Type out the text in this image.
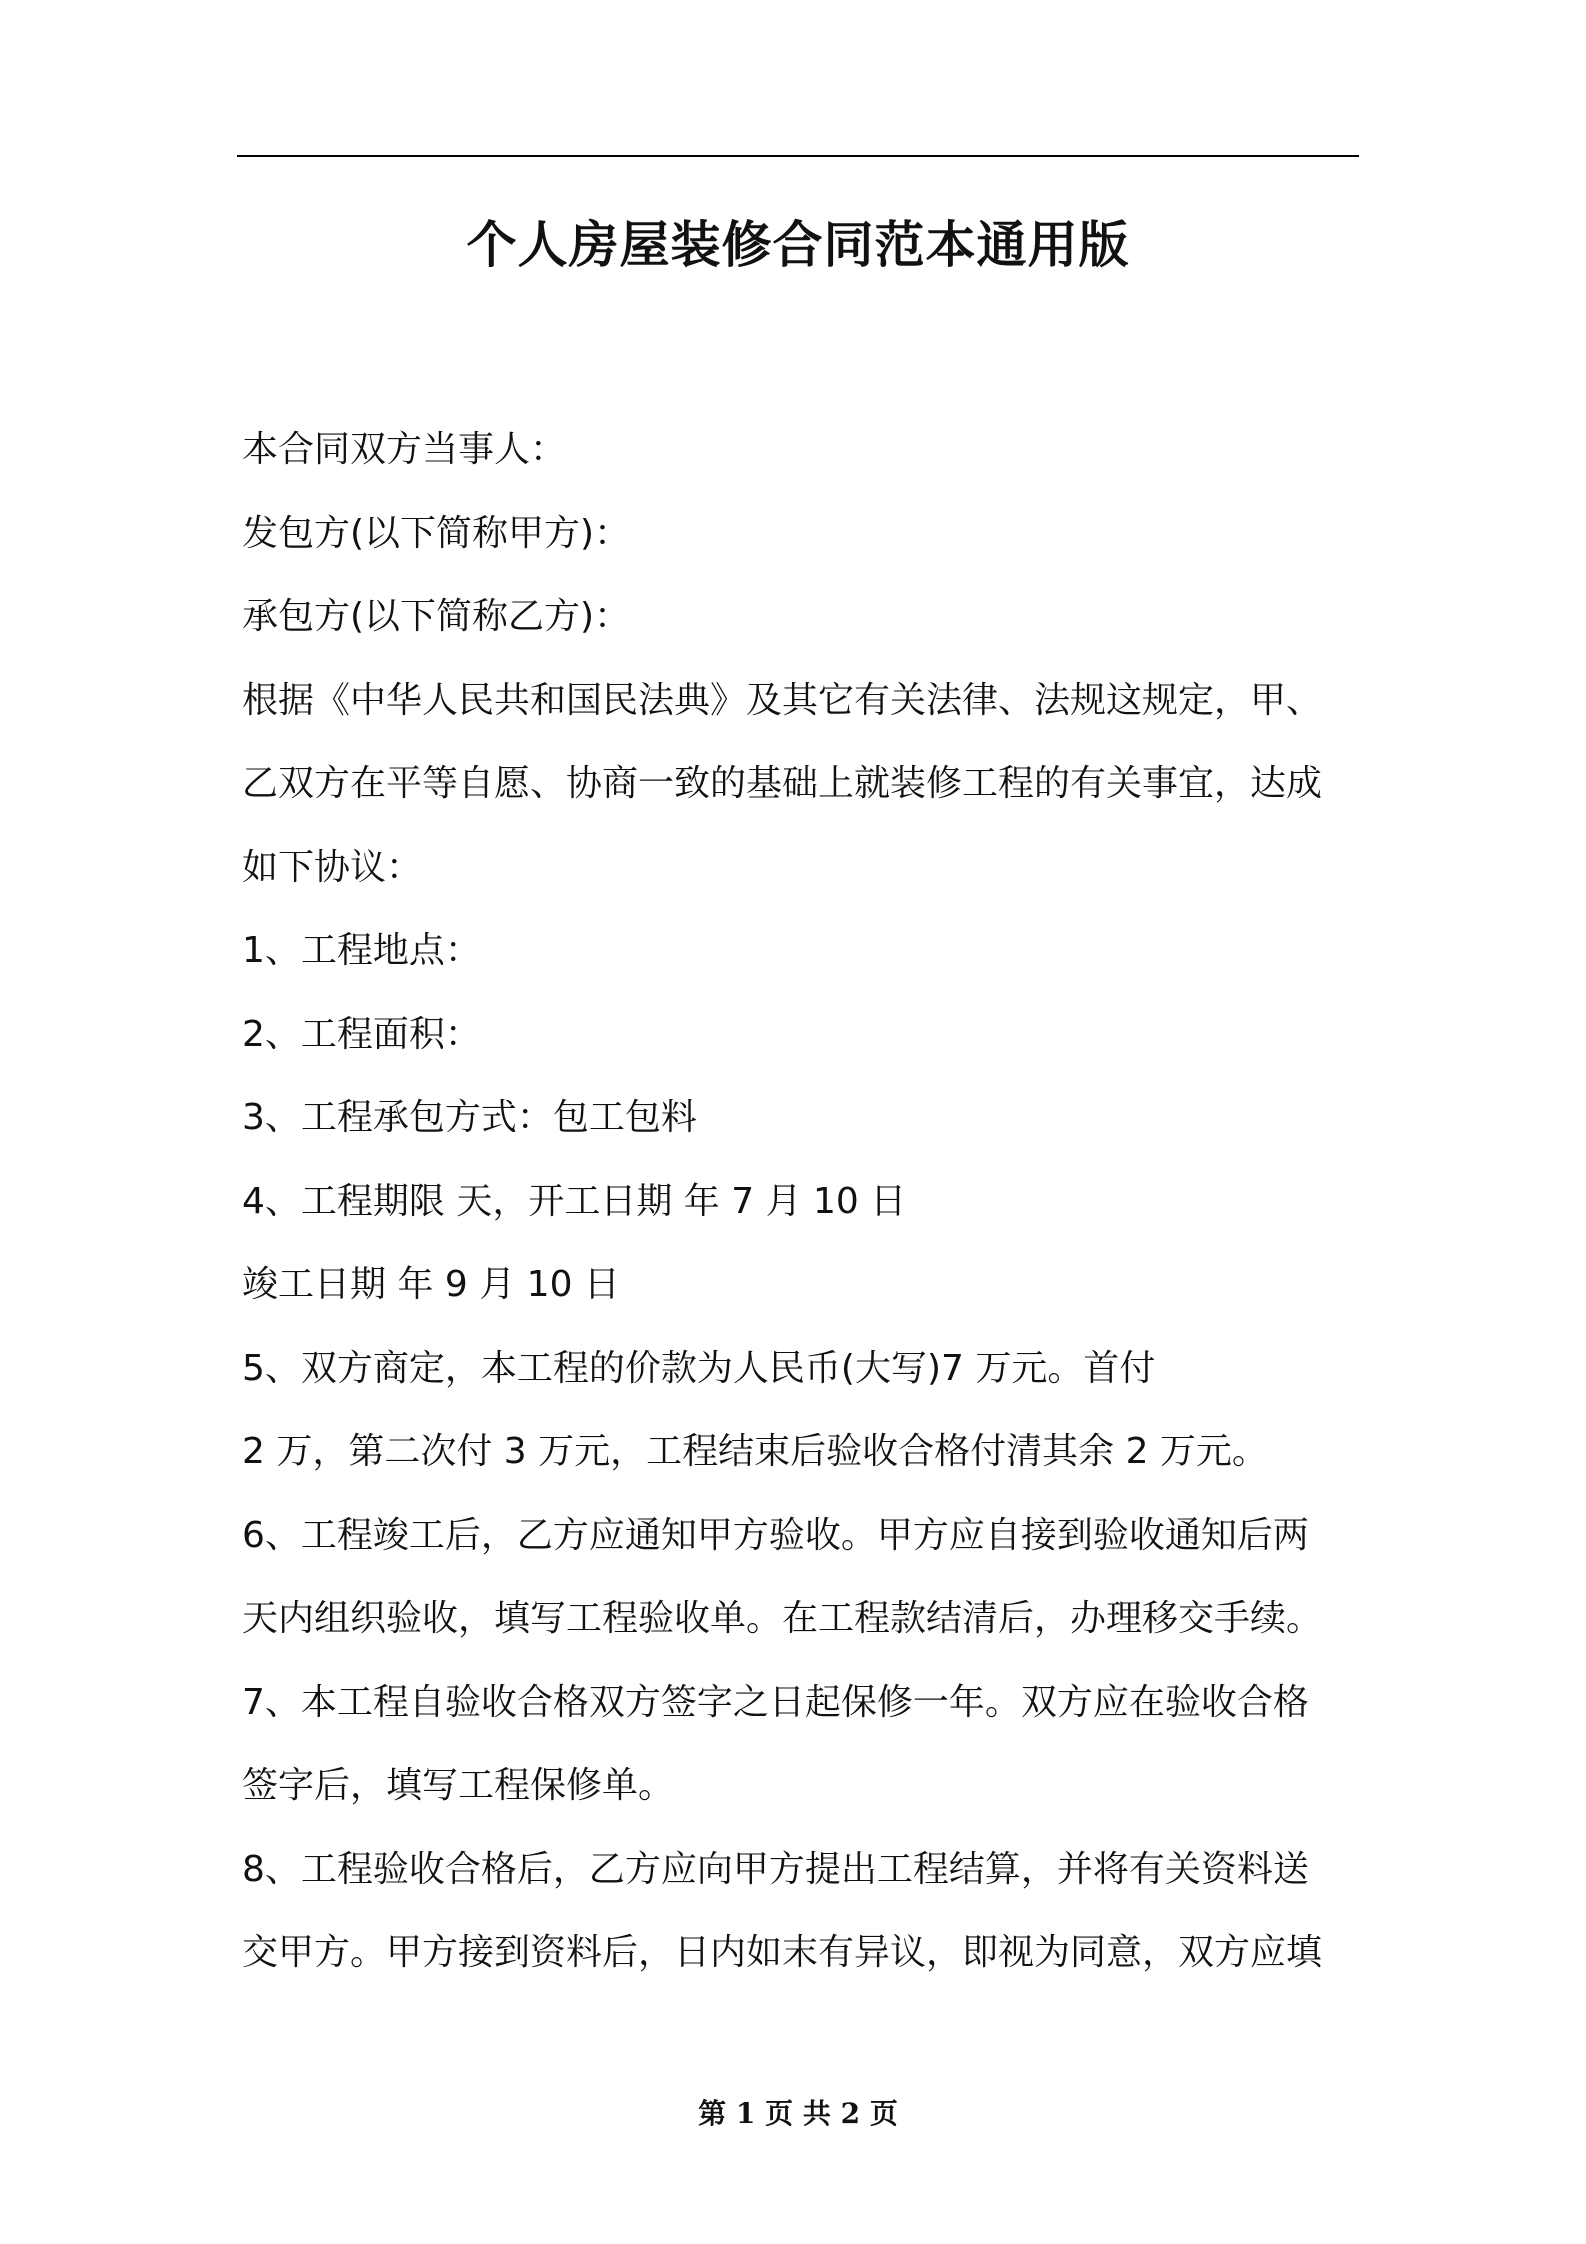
个人房屋装修合同范本通用版
本合同双方当事人：
发包方(以下简称甲方)：
承包方(以下简称乙方)：
根据《中华人民共和国民法典》及其它有关法律、法规这规定，甲、
乙双方在平等自愿、协商一致的基础上就装修工程的有关事宜，达成
如下协议：
1、工程地点：
2、工程面积：
3、工程承包方式：包工包料
4、工程期限 天，开工日期 年 7 月 10 日
竣工日期 年 9 月 10 日
5、双方商定，本工程的价款为人民币(大写)7 万元。首付
2 万，第二次付 3 万元，工程结束后验收合格付清其余 2 万元。
6、工程竣工后，乙方应通知甲方验收。甲方应自接到验收通知后两
天内组织验收，填写工程验收单。在工程款结清后，办理移交手续。
7、本工程自验收合格双方签字之日起保修一年。双方应在验收合格
签字后，填写工程保修单。
8、工程验收合格后，乙方应向甲方提出工程结算，并将有关资料送
交甲方。甲方接到资料后，日内如末有异议，即视为同意，双方应填
第 1 页 共 2 页
